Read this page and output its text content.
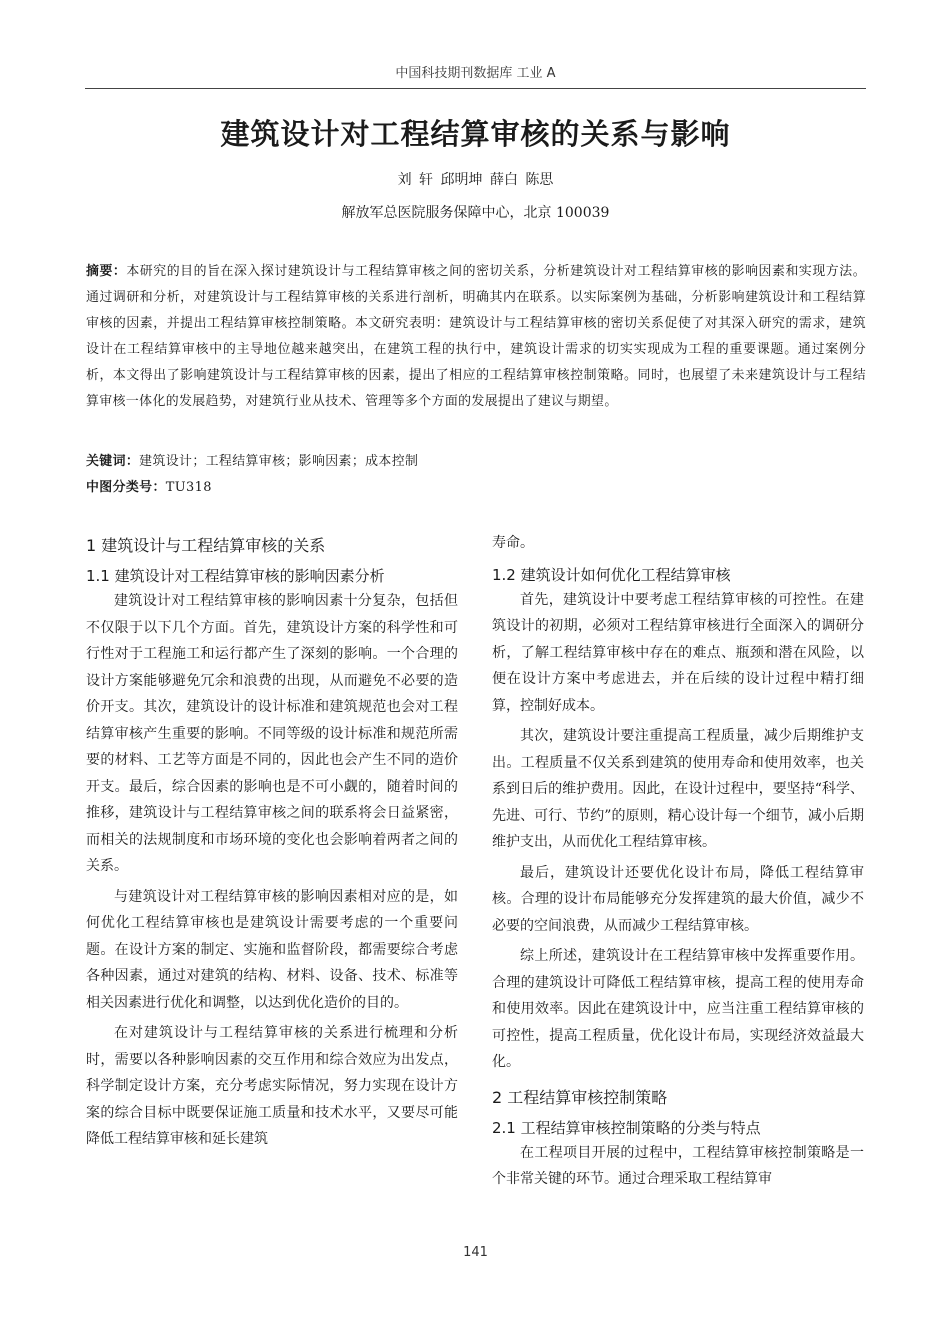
中国科技期刊数据库 工业 A
建筑设计对工程结算审核的关系与影响
刘 轩 邱明坤 薛白 陈思
解放军总医院服务保障中心，北京 100039
摘要：本研究的目的旨在深入探讨建筑设计与工程结算审核之间的密切关系，分析建筑设计对工程结算审核的影响因素和实现方法。通过调研和分析，对建筑设计与工程结算审核的关系进行剖析，明确其内在联系。以实际案例为基础，分析影响建筑设计和工程结算审核的因素，并提出工程结算审核控制策略。本文研究表明：建筑设计与工程结算审核的密切关系促使了对其深入研究的需求，建筑设计在工程结算审核中的主导地位越来越突出，在建筑工程的执行中，建筑设计需求的切实实现成为工程的重要课题。通过案例分析，本文得出了影响建筑设计与工程结算审核的因素，提出了相应的工程结算审核控制策略。同时，也展望了未来建筑设计与工程结算审核一体化的发展趋势，对建筑行业从技术、管理等多个方面的发展提出了建议与期望。
关键词：建筑设计；工程结算审核；影响因素；成本控制
中图分类号：TU318
1 建筑设计与工程结算审核的关系
1.1 建筑设计对工程结算审核的影响因素分析

建筑设计对工程结算审核的影响因素十分复杂，包括但不仅限于以下几个方面。首先，建筑设计方案的科学性和可行性对于工程施工和运行都产生了深刻的影响。一个合理的设计方案能够避免冗余和浪费的出现，从而避免不必要的造价开支。其次，建筑设计的设计标准和建筑规范也会对工程结算审核产生重要的影响。不同等级的设计标准和规范所需要的材料、工艺等方面是不同的，因此也会产生不同的造价开支。最后，综合因素的影响也是不可小觑的，随着时间的推移，建筑设计与工程结算审核之间的联系将会日益紧密，而相关的法规制度和市场环境的变化也会影响着两者之间的关系。

与建筑设计对工程结算审核的影响因素相对应的是，如何优化工程结算审核也是建筑设计需要考虑的一个重要问题。在设计方案的制定、实施和监督阶段，都需要综合考虑各种因素，通过对建筑的结构、材料、设备、技术、标准等相关因素进行优化和调整，以达到优化造价的目的。

在对建筑设计与工程结算审核的关系进行梳理和分析时，需要以各种影响因素的交互作用和综合效应为出发点，科学制定设计方案，充分考虑实际情况，努力实现在设计方案的综合目标中既要保证施工质量和技术水平，又要尽可能降低工程结算审核和延长建筑

寿命。

1.2 建筑设计如何优化工程结算审核

首先，建筑设计中要考虑工程结算审核的可控性。在建筑设计的初期，必须对工程结算审核进行全面深入的调研分析，了解工程结算审核中存在的难点、瓶颈和潜在风险，以便在设计方案中考虑进去，并在后续的设计过程中精打细算，控制好成本。

其次，建筑设计要注重提高工程质量，减少后期维护支出。工程质量不仅关系到建筑的使用寿命和使用效率，也关系到日后的维护费用。因此，在设计过程中，要坚持“科学、先进、可行、节约”的原则，精心设计每一个细节，减小后期维护支出，从而优化工程结算审核。

最后，建筑设计还要优化设计布局，降低工程结算审核。合理的设计布局能够充分发挥建筑的最大价值，减少不必要的空间浪费，从而减少工程结算审核。

综上所述，建筑设计在工程结算审核中发挥重要作用。合理的建筑设计可降低工程结算审核，提高工程的使用寿命和使用效率。因此在建筑设计中，应当注重工程结算审核的可控性，提高工程质量，优化设计布局，实现经济效益最大化。

2 工程结算审核控制策略
2.1 工程结算审核控制策略的分类与特点

在工程项目开展的过程中，工程结算审核控制策略是一个非常关键的环节。通过合理采取工程结算审

141
